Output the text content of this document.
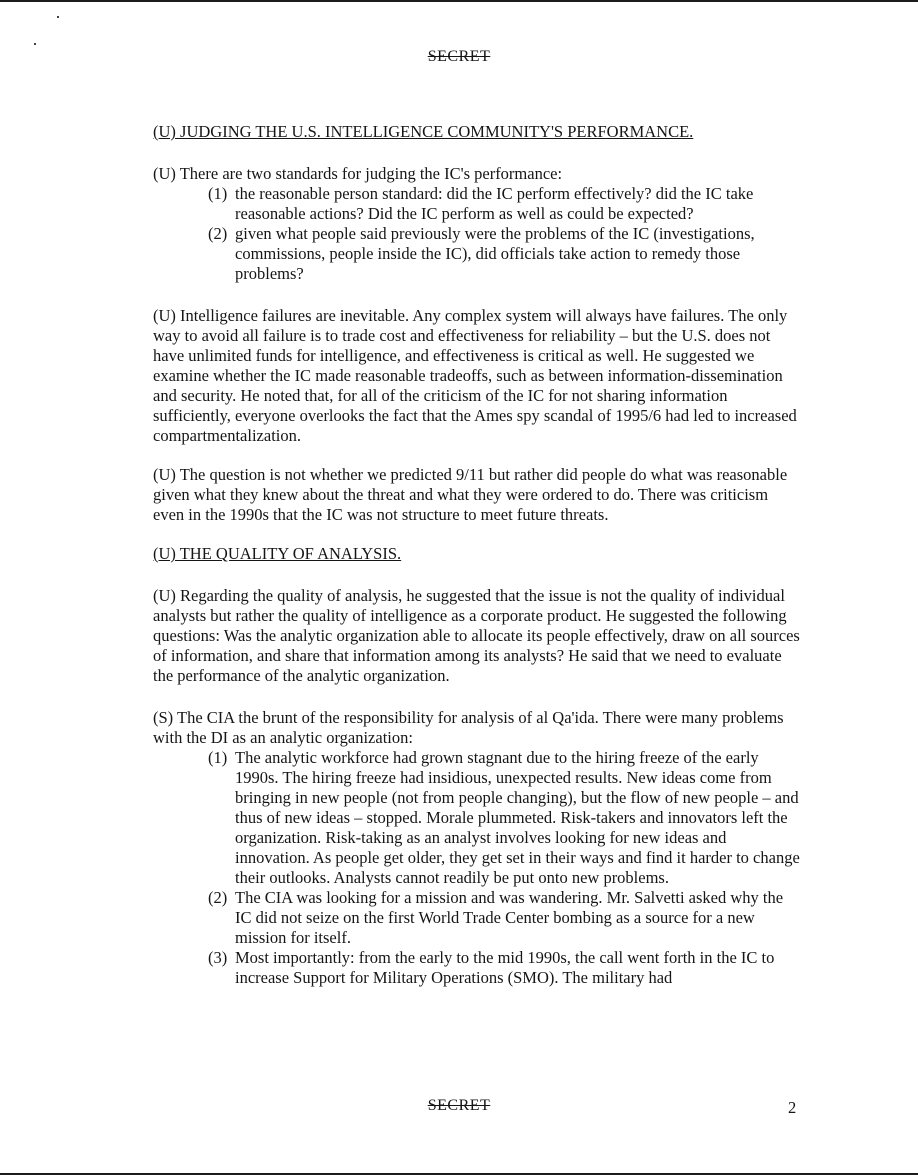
SECRET
(U) JUDGING THE U.S. INTELLIGENCE COMMUNITY'S PERFORMANCE.

(U) There are two standards for judging the IC's performance:

(1) the reasonable person standard: did the IC perform effectively? did the IC take reasonable actions? Did the IC perform as well as could be expected?
(2) given what people said previously were the problems of the IC (investigations, commissions, people inside the IC), did officials take action to remedy those problems?

(U) Intelligence failures are inevitable. Any complex system will always have failures. The only way to avoid all failure is to trade cost and effectiveness for reliability – but the U.S. does not have unlimited funds for intelligence, and effectiveness is critical as well. He suggested we examine whether the IC made reasonable tradeoffs, such as between information-dissemination and security. He noted that, for all of the criticism of the IC for not sharing information sufficiently, everyone overlooks the fact that the Ames spy scandal of 1995/6 had led to increased compartmentalization.

(U) The question is not whether we predicted 9/11 but rather did people do what was reasonable given what they knew about the threat and what they were ordered to do. There was criticism even in the 1990s that the IC was not structure to meet future threats.

(U) THE QUALITY OF ANALYSIS.

(U) Regarding the quality of analysis, he suggested that the issue is not the quality of individual analysts but rather the quality of intelligence as a corporate product. He suggested the following questions: Was the analytic organization able to allocate its people effectively, draw on all sources of information, and share that information among its analysts? He said that we need to evaluate the performance of the analytic organization.

(S) The CIA the brunt of the responsibility for analysis of al Qa'ida. There were many problems with the DI as an analytic organization:

(1) The analytic workforce had grown stagnant due to the hiring freeze of the early 1990s. The hiring freeze had insidious, unexpected results. New ideas come from bringing in new people (not from people changing), but the flow of new people – and thus of new ideas – stopped. Morale plummeted. Risk-takers and innovators left the organization. Risk-taking as an analyst involves looking for new ideas and innovation. As people get older, they get set in their ways and find it harder to change their outlooks. Analysts cannot readily be put onto new problems.
(2) The CIA was looking for a mission and was wandering. Mr. Salvetti asked why the IC did not seize on the first World Trade Center bombing as a source for a new mission for itself.
(3) Most importantly: from the early to the mid 1990s, the call went forth in the IC to increase Support for Military Operations (SMO). The military had
SECRET	2
